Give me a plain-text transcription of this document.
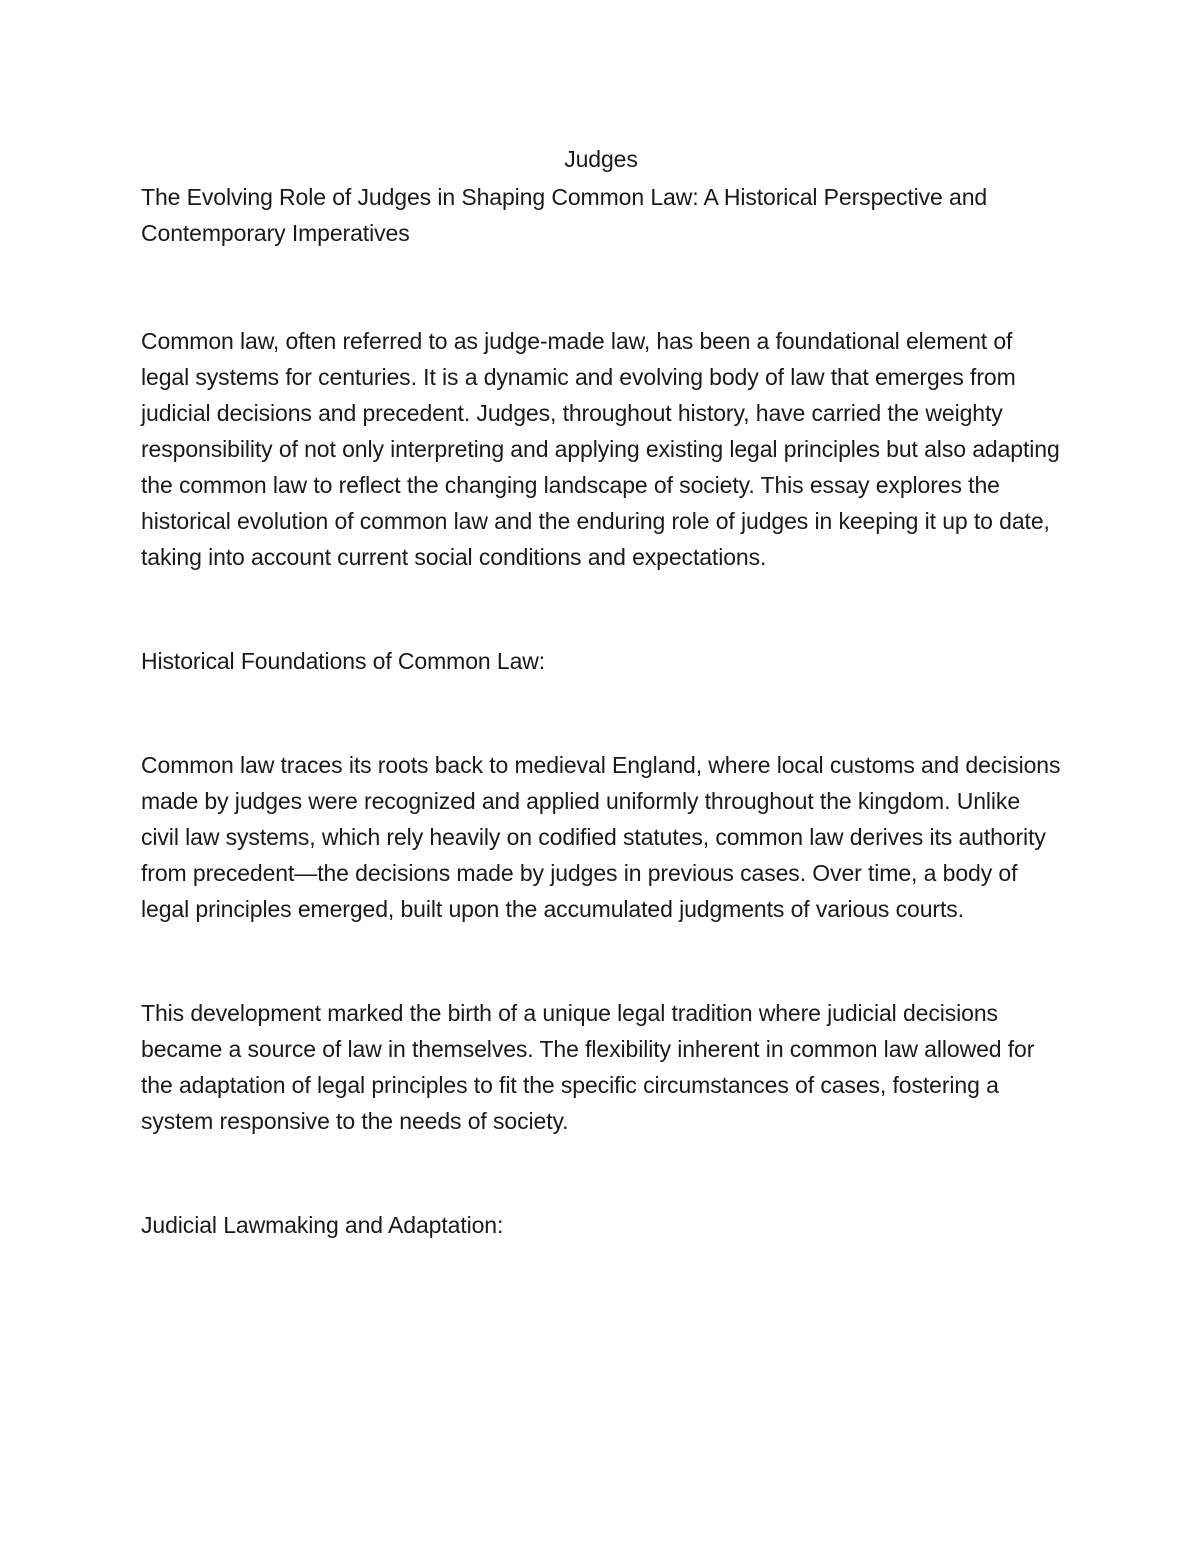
Judges

The Evolving Role of Judges in Shaping Common Law: A Historical Perspective and Contemporary Imperatives

Common law, often referred to as judge-made law, has been a foundational element of legal systems for centuries. It is a dynamic and evolving body of law that emerges from judicial decisions and precedent. Judges, throughout history, have carried the weighty responsibility of not only interpreting and applying existing legal principles but also adapting the common law to reflect the changing landscape of society. This essay explores the historical evolution of common law and the enduring role of judges in keeping it up to date, taking into account current social conditions and expectations.

Historical Foundations of Common Law:

Common law traces its roots back to medieval England, where local customs and decisions made by judges were recognized and applied uniformly throughout the kingdom. Unlike civil law systems, which rely heavily on codified statutes, common law derives its authority from precedent—the decisions made by judges in previous cases. Over time, a body of legal principles emerged, built upon the accumulated judgments of various courts.

This development marked the birth of a unique legal tradition where judicial decisions became a source of law in themselves. The flexibility inherent in common law allowed for the adaptation of legal principles to fit the specific circumstances of cases, fostering a system responsive to the needs of society.

Judicial Lawmaking and Adaptation:
